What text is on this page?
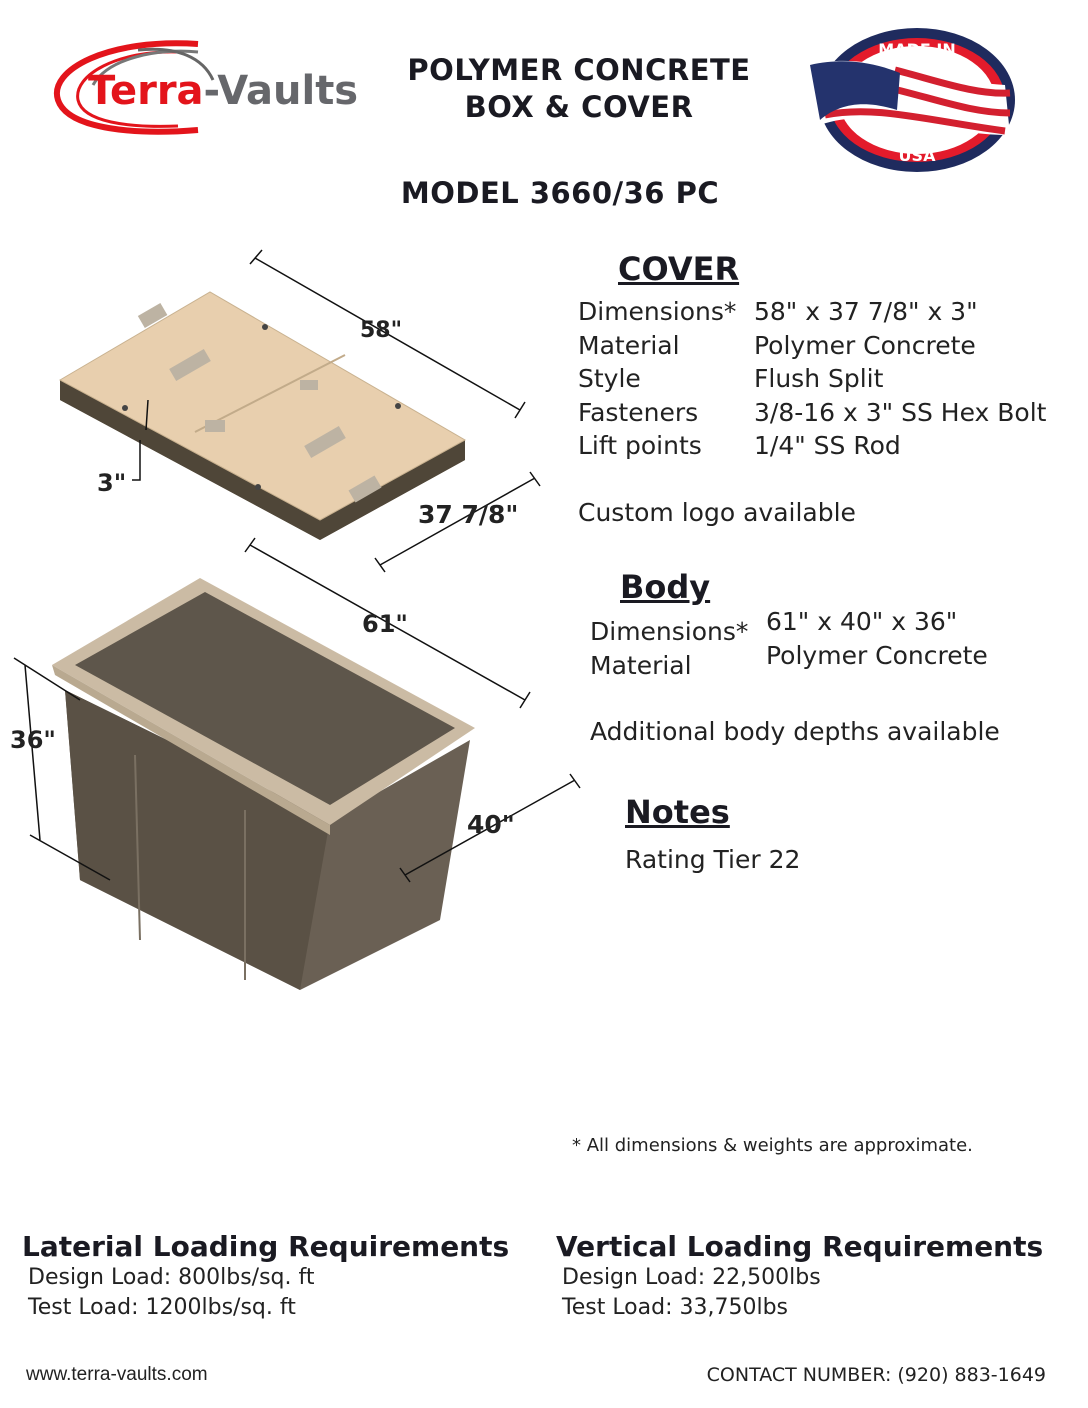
Terra-Vaults POLYMER CONCRETE
BOX & COVER
MADE IN
USA
MODEL 3660/36 PC
58"
37 7/8"
3"
61"
40"
36"
COVER
Dimensions*
Material
Style
Fasteners
Lift points
58" x 37 7/8" x 3"
Polymer Concrete
Flush Split
3/8-16 x 3" SS Hex Bolt
1/4" SS Rod
Custom logo available
Body
Dimensions*
Material
61" x 40" x 36"
Polymer Concrete
Additional body depths available
Notes
Rating Tier 22
* All dimensions & weights are approximate.
Laterial Loading Requirements
Design Load: 800lbs/sq. ft
Test Load: 1200lbs/sq. ft
Vertical Loading Requirements
Design Load: 22,500lbs
Test Load: 33,750lbs
www.terra-vaults.com	CONTACT NUMBER: (920) 883-1649
